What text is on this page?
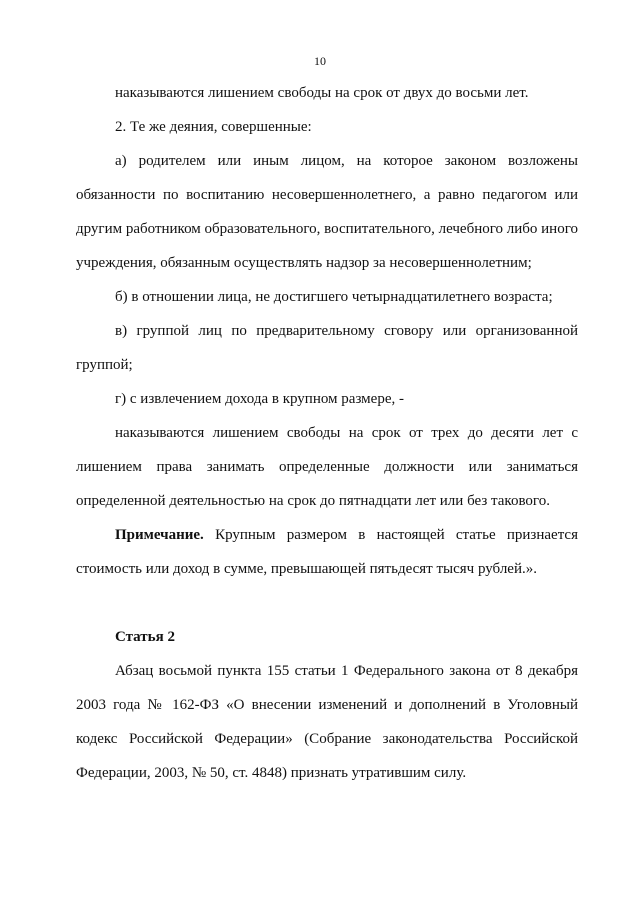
10

наказываются лишением свободы на срок от двух до восьми лет.

2. Те же деяния, совершенные:

а) родителем или иным лицом, на которое законом возложены обязанности по воспитанию несовершеннолетнего, а равно педагогом или другим работником образовательного, воспитательного, лечебного либо иного учреждения, обязанным осуществлять надзор за несовершеннолетним;

б) в отношении лица, не достигшего четырнадцатилетнего возраста;

в) группой лиц по предварительному сговору или организованной группой;

г) с извлечением дохода в крупном размере, -

наказываются лишением свободы на срок от трех до десяти лет с лишением права занимать определенные должности или заниматься определенной деятельностью на срок до пятнадцати лет или без такового.

Примечание. Крупным размером в настоящей статье признается стоимость или доход в сумме, превышающей пятьдесят тысяч рублей.».

Статья 2

Абзац восьмой пункта 155 статьи 1 Федерального закона от 8 декабря 2003 года № 162-ФЗ «О внесении изменений и дополнений в Уголовный кодекс Российской Федерации» (Собрание законодательства Российской Федерации, 2003, № 50, ст. 4848) признать утратившим силу.
